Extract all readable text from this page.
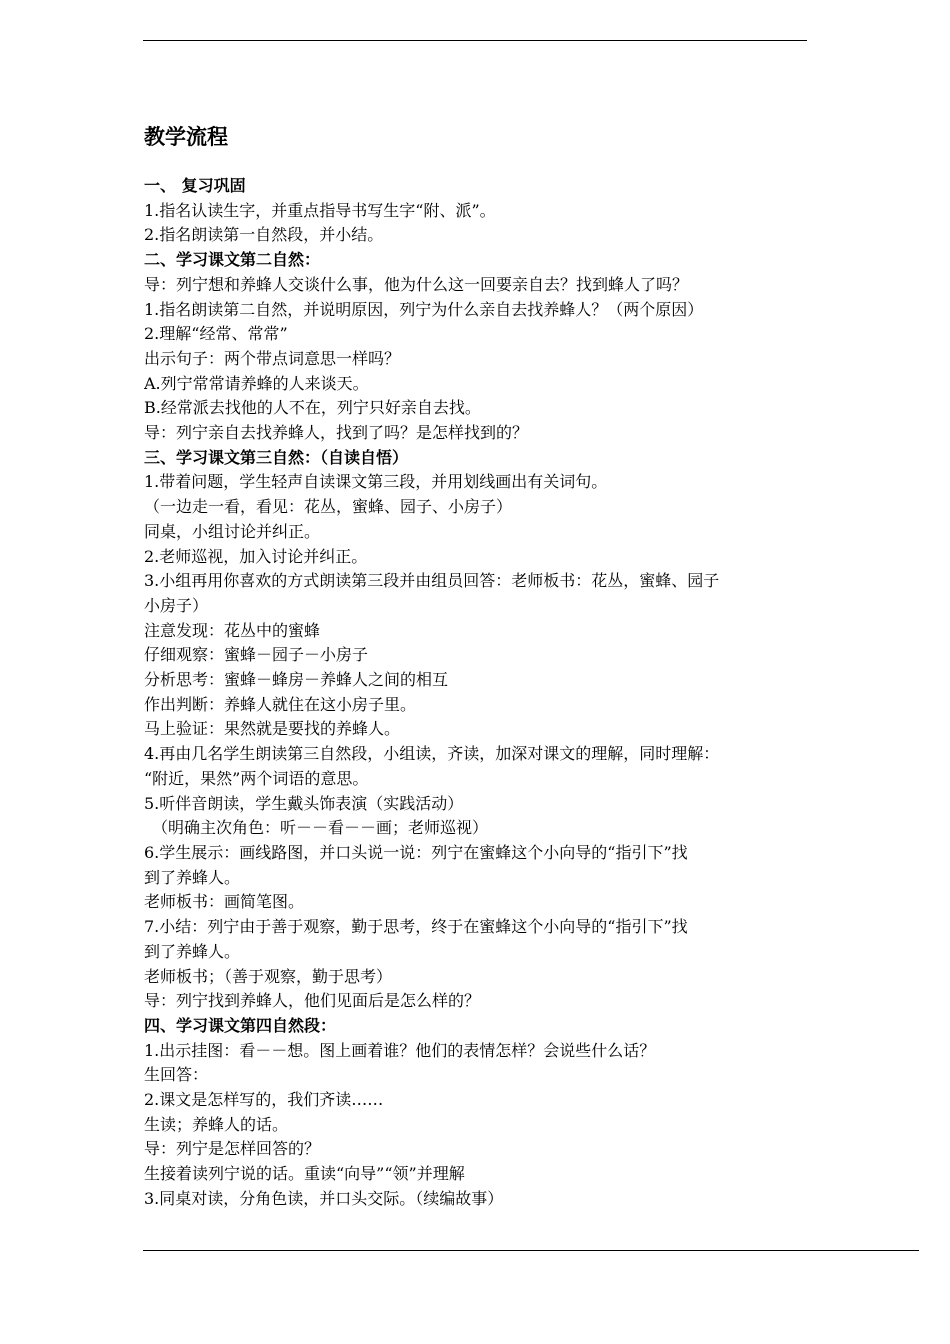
教学流程
一、 复习巩固
1.指名认读生字，并重点指导书写生字“附、派”。
2.指名朗读第一自然段，并小结。
二、学习课文第二自然：
导：列宁想和养蜂人交谈什么事，他为什么这一回要亲自去？找到蜂人了吗？
1.指名朗读第二自然，并说明原因，列宁为什么亲自去找养蜂人？（两个原因）
2.理解“经常、常常”
出示句子：两个带点词意思一样吗？
A.列宁常常请养蜂的人来谈天。
B.经常派去找他的人不在，列宁只好亲自去找。
导：列宁亲自去找养蜂人，找到了吗？是怎样找到的？
三、学习课文第三自然：（自读自悟）
1.带着问题，学生轻声自读课文第三段，并用划线画出有关词句。
（一边走一看，看见：花丛，蜜蜂、园子、小房子）
同桌，小组讨论并纠正。
2.老师巡视，加入讨论并纠正。
3.小组再用你喜欢的方式朗读第三段并由组员回答：老师板书：花丛，蜜蜂、园子
小房子）
注意发现：花丛中的蜜蜂
仔细观察：蜜蜂－园子－小房子
分析思考：蜜蜂－蜂房－养蜂人之间的相互
作出判断：养蜂人就住在这小房子里。
马上验证：果然就是要找的养蜂人。
4.再由几名学生朗读第三自然段，小组读，齐读，加深对课文的理解，同时理解：
“附近，果然”两个词语的意思。
5.听伴音朗读，学生戴头饰表演（实践活动）
（明确主次角色：听－－看－－画；老师巡视）
6.学生展示：画线路图，并口头说一说：列宁在蜜蜂这个小向导的“指引下”找
到了养蜂人。
老师板书：画简笔图。
7.小结：列宁由于善于观察，勤于思考，终于在蜜蜂这个小向导的“指引下”找
到了养蜂人。
老师板书；（善于观察，勤于思考）
导：列宁找到养蜂人，他们见面后是怎么样的？
四、学习课文第四自然段：
1.出示挂图：看－－想。图上画着谁？他们的表情怎样？会说些什么话？
生回答：
2.课文是怎样写的，我们齐读……
生读；养蜂人的话。
导：列宁是怎样回答的？
生接着读列宁说的话。重读“向导”“领”并理解
3.同桌对读，分角色读，并口头交际。（续编故事）
